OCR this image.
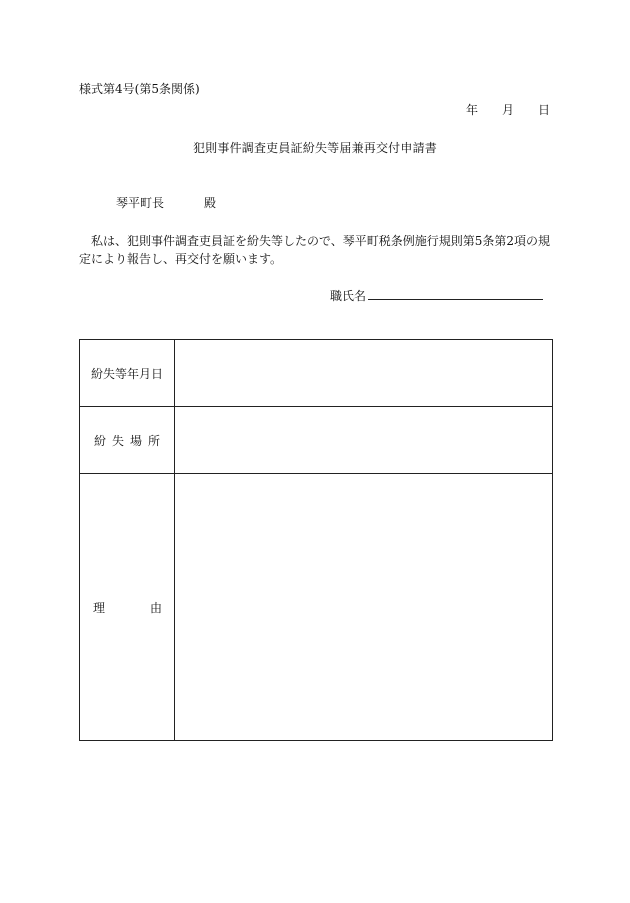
様式第4号(第5条関係)
年 月 日
犯則事件調査吏員証紛失等届兼再交付申請書
琴平町長	殿
私は、犯則事件調査吏員証を紛失等したので、琴平町税条例施行規則第5条第2項の規定により報告し、再交付を願います。
職氏名
紛失等年月日	
紛失場所	

理 由	
